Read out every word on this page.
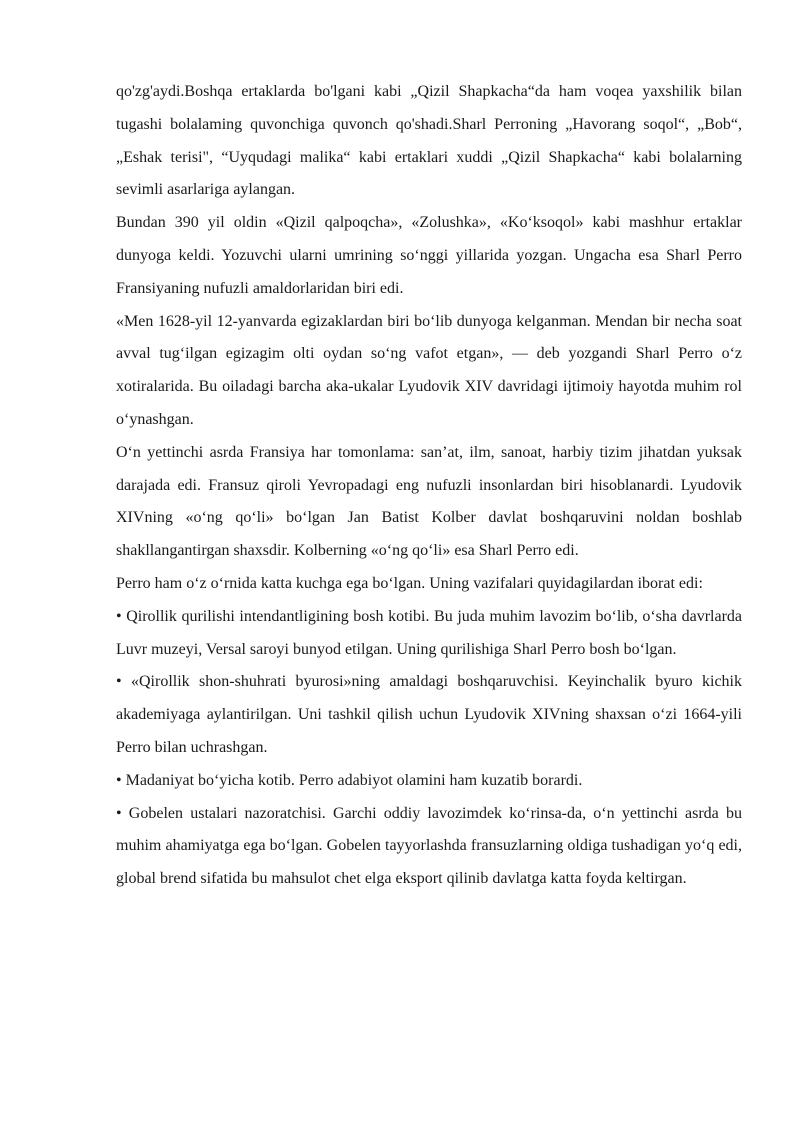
qo'zg'aydi.Boshqa ertaklarda bo'lgani kabi „Qizil Shapkacha“da ham voqea yaxshilik bilan tugashi bolalaming quvonchiga quvonch qo'shadi.Sharl Perroning „Havorang soqol“, „Bob“,„Eshak terisi", “Uyqudagi malika“ kabi ertaklari xuddi „Qizil Shapkacha“ kabi bolalarning sevimli asarlariga aylangan.

Bundan 390 yil oldin «Qizil qalpoqcha», «Zolushka», «Ko‘ksoqol» kabi mashhur ertaklar dunyoga keldi. Yozuvchi ularni umrining so‘nggi yillarida yozgan. Ungacha esa Sharl Perro Fransiyaning nufuzli amaldorlaridan biri edi.

«Men 1628-yil 12-yanvarda egizaklardan biri bo‘lib dunyoga kelganman. Mendan bir necha soat avval tug‘ilgan egizagim olti oydan so‘ng vafot etgan», — deb yozgandi Sharl Perro o‘z xotiralarida. Bu oiladagi barcha aka-ukalar Lyudovik XIV davridagi ijtimoiy hayotda muhim rol o‘ynashgan.

O‘n yettinchi asrda Fransiya har tomonlama: san’at, ilm, sanoat, harbiy tizim jihatdan yuksak darajada edi. Fransuz qiroli Yevropadagi eng nufuzli insonlardan biri hisoblanardi. Lyudovik XIVning «o‘ng qo‘li» bo‘lgan Jan Batist Kolber davlat boshqaruvini noldan boshlab shakllangantirgan shaxsdir. Kolberning «o‘ng qo‘li» esa Sharl Perro edi.

Perro ham o‘z o‘rnida katta kuchga ega bo‘lgan. Uning vazifalari quyidagilardan iborat edi:

• Qirollik qurilishi intendantligining bosh kotibi. Bu juda muhim lavozim bo‘lib, o‘sha davrlarda Luvr muzeyi, Versal saroyi bunyod etilgan. Uning qurilishiga Sharl Perro bosh bo‘lgan.

• «Qirollik shon-shuhrati byurosi»ning amaldagi boshqaruvchisi. Keyinchalik byuro kichik akademiyaga aylantirilgan. Uni tashkil qilish uchun Lyudovik XIVning shaxsan o‘zi 1664-yili Perro bilan uchrashgan.

• Madaniyat bo‘yicha kotib. Perro adabiyot olamini ham kuzatib borardi.

• Gobelen ustalari nazoratchisi. Garchi oddiy lavozimdek ko‘rinsa-da, o‘n yettinchi asrda bu muhim ahamiyatga ega bo‘lgan. Gobelen tayyorlashda fransuzlarning oldiga tushadigan yo‘q edi, global brend sifatida bu mahsulot chet elga eksport qilinib davlatga katta foyda keltirgan.
